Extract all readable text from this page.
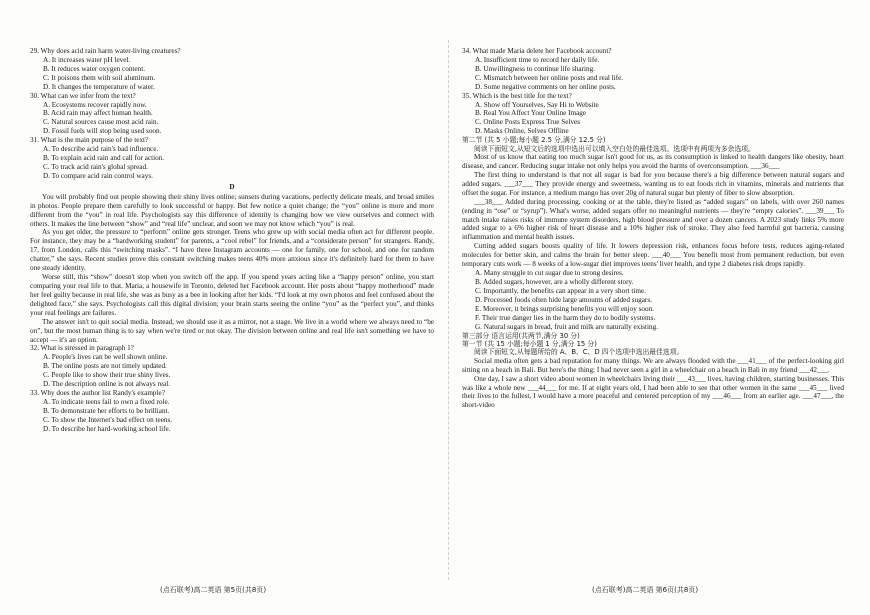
29. Why does acid rain harm water-living creatures?

A. It increases water pH level.

B. It reduces water oxygen content.

C. It poisons them with soil aluminum.

D. It changes the temperature of water.

30. What can we infer from the text?

A. Ecosystems recover rapidly now.

B. Acid rain may affect human health.

C. Natural sources cause most acid rain.

D. Fossil fuels will stop being used soon.

31. What is the main purpose of the text?

A. To describe acid rain's bad influence.

B. To explain acid rain and call for action.

C. To track acid rain's global spread.

D. To compare acid rain control ways.

D

You will probably find out people showing their shiny lives online; sunsets during vacations, perfectly delicate meals, and broad smiles in photos. People prepare them carefully to look successful or happy. But few notice a quiet change; the “you” online is more and more different from the “you” in real life. Psychologists say this difference of identity is changing how we view ourselves and connect with others. It makes the line between “show” and “real life” unclear, and soon we may not know which “you” is real.

As you get older, the pressure to “perform” online gets stronger. Teens who grew up with social media often act for different people. For instance, they may be a “hardworking student” for parents, a “cool rebel” for friends, and a “considerate person” for strangers. Randy, 17, from London, calls this “switching masks”. “I have three Instagram accounts — one for family, one for school, and one for random chatter,” she says. Recent studies prove this constant switching makes teens 40% more anxious since it's definitely hard for them to have one steady identity.

Worse still, this “show” doesn't stop when you switch off the app. If you spend years acting like a “happy person” online, you start comparing your real life to that. Maria, a housewife in Toronto, deleted her Facebook account. Her posts about “happy motherhood” made her feel guilty because in real life, she was as busy as a bee in looking after her kids. “I'd look at my own photos and feel confused about the delighted face,” she says. Psychologists call this digital division; your brain starts seeing the online “you” as the “perfect you”, and thinks your real feelings are failures.

The answer isn't to quit social media. Instead, we should use it as a mirror, not a stage. We live in a world where we always need to “be on”, but the most human thing is to say when we're tired or not okay. The division between online and real life isn't something we have to accept — it's an option.

32. What is stressed in paragraph 1?

A. People's lives can be well shown online.

B. The online posts are not timely updated.

C. People like to show their true shiny lives.

D. The description online is not always real.

33. Why does the author list Randy's example?

A. To indicate teens fail to own a fixed role.

B. To demonstrate her efforts to be brilliant.

C. To show the Internet's bad effect on teens.

D. To describe her hard-working school life.

34. What made Maria delete her Facebook account?

A. Insufficient time to record her daily life.

B. Unwillingness to continue life sharing.

C. Mismatch between her online posts and real life.

D. Some negative comments on her online posts.

35. Which is the best title for the text?

A. Show off Yourselves, Say Hi to Website

B. Real You Affect Your Online Image

C. Online Posts Express True Selves

D. Masks Online, Selves Offline

第二节 (共 5 小题;每小题 2.5 分,满分 12.5 分)

阅读下面短文,从短文后的选项中选出可以填入空白处的最佳选项。选项中有两项为多余选项。

Most of us know that eating too much sugar isn't good for us, as its consumption is linked to health dangers like obesity, heart disease, and cancer. Reducing sugar intake not only helps you avoid the harms of overconsumption. ___36___

The first thing to understand is that not all sugar is bad for you because there's a big difference between natural sugars and added sugars. ___37___ They provide energy and sweetness, wanting us to eat foods rich in vitamins, minerals and nutrients that offset the sugar. For instance, a medium mango has over 20g of natural sugar but plenty of fiber to slow absorption.

___38___ Added during processing, cooking or at the table, they're listed as “added sugars” on labels, with over 260 names (ending in “ose” or “syrup”). What's worse, added sugars offer no meaningful nutrients — they're “empty calories”. ___39___ To match intake raises risks of immune system disorders, high blood pressure and over a dozen cancers. A 2023 study links 5% more added sugar to a 6% higher risk of heart disease and a 10% higher risk of stroke. They also feed harmful gut bacteria, causing inflammation and mental health issues.

Cutting added sugars boosts quality of life. It lowers depression risk, enhances focus before tests, reduces aging-related molecules for better skin, and calms the brain for better sleep. ___40___ You benefit most from permanent reduction, but even temporary cuts work — 8 weeks of a low-sugar diet improves teens' liver health, and type 2 diabetes risk drops rapidly.

A. Many struggle to cut sugar due to strong desires.

B. Added sugars, however, are a wholly different story.

C. Importantly, the benefits can appear in a very short time.

D. Processed foods often hide large amounts of added sugars.

E. Moreover, it brings surprising benefits you will enjoy soon.

F. Their true danger lies in the harm they do to bodily systems.

G. Natural sugars in bread, fruit and milk are naturally existing.

第三部分 语言运用(共两节,满分 30 分)

第一节 (共 15 小题;每小题 1 分,满分 15 分)

阅读下面短文,从每题所给的 A、B、C、D 四个选项中选出最佳选项。

Social media often gets a bad reputation for many things. We are always flooded with the ___41___ of the perfect-looking girl sitting on a beach in Bali. But here's the thing; I had never seen a girl in a wheelchair on a beach in Bali in my friend ___42___.

One day, I saw a short video about women in wheelchairs living their ___43___ lives, having children, starting businesses. This was like a whole new ___44___ for me. If at eight years old, I had been able to see that other women in the same ___45___ lived their lives to the fullest, I would have a more peaceful and centered perception of my ___46___ from an earlier age. ___47___, the short-video

(点石联考)高二英语 第5页(共8页)	(点石联考)高二英语 第6页(共8页)
